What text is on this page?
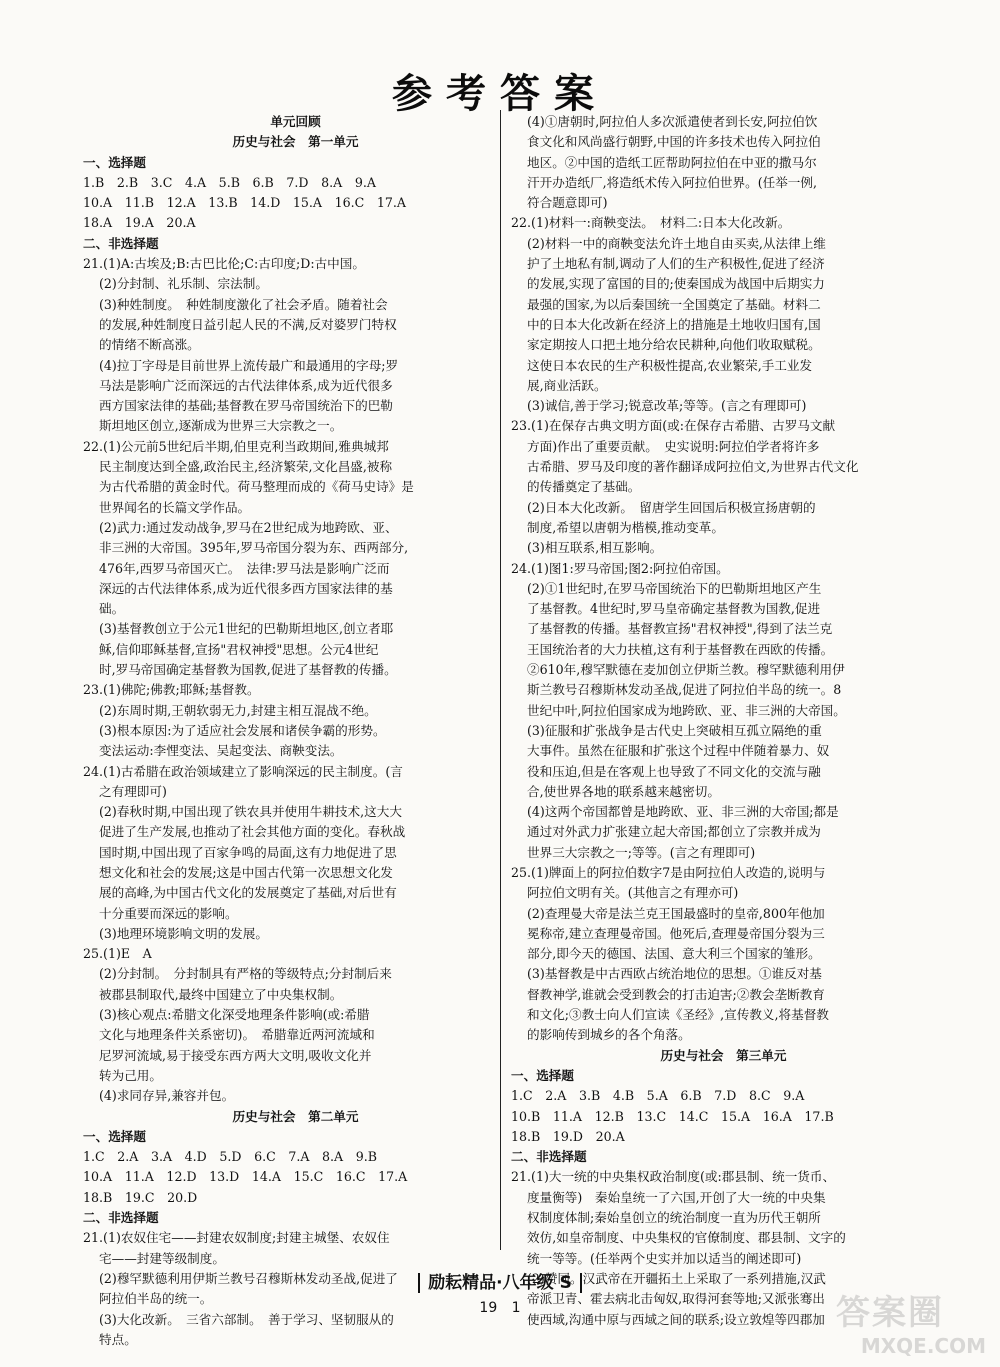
参考答案
单元回顾
历史与社会　第一单元
一、选择题
1.B　2.B　3.C　4.A　5.B　6.B　7.D　8.A　9.A
10.A　11.B　12.A　13.B　14.D　15.A　16.C　17.A
18.A　19.A　20.A
二、非选择题
21.(1)A:古埃及;B:古巴比伦;C:古印度;D:古中国。
(2)分封制、礼乐制、宗法制。
(3)种姓制度。　种姓制度激化了社会矛盾。随着社会
的发展,种姓制度日益引起人民的不满,反对婆罗门特权
的情绪不断高涨。
(4)拉丁字母是目前世界上流传最广和最通用的字母;罗
马法是影响广泛而深远的古代法律体系,成为近代很多
西方国家法律的基础;基督教在罗马帝国统治下的巴勒
斯坦地区创立,逐渐成为世界三大宗教之一。
22.(1)公元前5世纪后半期,伯里克利当政期间,雅典城邦
民主制度达到全盛,政治民主,经济繁荣,文化昌盛,被称
为古代希腊的黄金时代。荷马整理而成的《荷马史诗》是
世界闻名的长篇文学作品。
(2)武力:通过发动战争,罗马在2世纪成为地跨欧、亚、
非三洲的大帝国。395年,罗马帝国分裂为东、西两部分,
476年,西罗马帝国灭亡。　法律:罗马法是影响广泛而
深远的古代法律体系,成为近代很多西方国家法律的基
础。
(3)基督教创立于公元1世纪的巴勒斯坦地区,创立者耶
稣,信仰耶稣基督,宣扬"君权神授"思想。公元4世纪
时,罗马帝国确定基督教为国教,促进了基督教的传播。
23.(1)佛陀;佛教;耶稣;基督教。
(2)东周时期,王朝软弱无力,封建主相互混战不绝。
(3)根本原因:为了适应社会发展和诸侯争霸的形势。
变法运动:李悝变法、吴起变法、商鞅变法。
24.(1)古希腊在政治领域建立了影响深远的民主制度。(言
之有理即可)
(2)春秋时期,中国出现了铁农具并使用牛耕技术,这大大
促进了生产发展,也推动了社会其他方面的变化。春秋战
国时期,中国出现了百家争鸣的局面,这有力地促进了思
想文化和社会的发展;这是中国古代第一次思想文化发
展的高峰,为中国古代文化的发展奠定了基础,对后世有
十分重要而深远的影响。
(3)地理环境影响文明的发展。
25.(1)E　A
(2)分封制。　分封制具有严格的等级特点;分封制后来
被郡县制取代,最终中国建立了中央集权制。
(3)核心观点:希腊文化深受地理条件影响(或:希腊
文化与地理条件关系密切)。　希腊靠近两河流域和
尼罗河流域,易于接受东西方两大文明,吸收文化并
转为己用。
(4)求同存异,兼容并包。
历史与社会　第二单元
一、选择题
1.C　2.A　3.A　4.D　5.D　6.C　7.A　8.A　9.B
10.A　11.A　12.D　13.D　14.A　15.C　16.C　17.A
18.B　19.C　20.D
二、非选择题
21.(1)农奴住宅——封建农奴制度;封建主城堡、农奴住
宅——封建等级制度。
(2)穆罕默德利用伊斯兰教号召穆斯林发动圣战,促进了
阿拉伯半岛的统一。
(3)大化改新。　三省六部制。　善于学习、坚韧服从的
特点。
(4)①唐朝时,阿拉伯人多次派遣使者到长安,阿拉伯饮
食文化和风尚盛行朝野,中国的许多技术也传入阿拉伯
地区。②中国的造纸工匠帮助阿拉伯在中亚的撒马尔
汗开办造纸厂,将造纸术传入阿拉伯世界。(任举一例,
符合题意即可)
22.(1)材料一:商鞅变法。　材料二:日本大化改新。
(2)材料一中的商鞅变法允许土地自由买卖,从法律上维
护了土地私有制,调动了人们的生产积极性,促进了经济
的发展,实现了富国的目的;使秦国成为战国中后期实力
最强的国家,为以后秦国统一全国奠定了基础。材料二
中的日本大化改新在经济上的措施是土地收归国有,国
家定期按人口把土地分给农民耕种,向他们收取赋税。
这使日本农民的生产积极性提高,农业繁荣,手工业发
展,商业活跃。
(3)诚信,善于学习;锐意改革;等等。(言之有理即可)
23.(1)在保存古典文明方面(或:在保存古希腊、古罗马文献
方面)作出了重要贡献。　史实说明:阿拉伯学者将许多
古希腊、罗马及印度的著作翻译成阿拉伯文,为世界古代文化
的传播奠定了基础。
(2)日本大化改新。　留唐学生回国后积极宣扬唐朝的
制度,希望以唐朝为楷模,推动变革。
(3)相互联系,相互影响。
24.(1)图1:罗马帝国;图2:阿拉伯帝国。
(2)①1世纪时,在罗马帝国统治下的巴勒斯坦地区产生
了基督教。4世纪时,罗马皇帝确定基督教为国教,促进
了基督教的传播。基督教宣扬"君权神授",得到了法兰克
王国统治者的大力扶植,这有利于基督教在西欧的传播。
②610年,穆罕默德在麦加创立伊斯兰教。穆罕默德利用伊
斯兰教号召穆斯林发动圣战,促进了阿拉伯半岛的统一。8
世纪中叶,阿拉伯国家成为地跨欧、亚、非三洲的大帝国。
(3)征服和扩张战争是古代史上突破相互孤立隔绝的重
大事件。虽然在征服和扩张这个过程中伴随着暴力、奴
役和压迫,但是在客观上也导致了不同文化的交流与融
合,使世界各地的联系越来越密切。
(4)这两个帝国都曾是地跨欧、亚、非三洲的大帝国;都是
通过对外武力扩张建立起大帝国;都创立了宗教并成为
世界三大宗教之一;等等。(言之有理即可)
25.(1)牌面上的阿拉伯数字7是由阿拉伯人改造的,说明与
阿拉伯文明有关。(其他言之有理亦可)
(2)查理曼大帝是法兰克王国最盛时的皇帝,800年他加
冕称帝,建立查理曼帝国。他死后,查理曼帝国分裂为三
部分,即今天的德国、法国、意大利三个国家的雏形。
(3)基督教是中古西欧占统治地位的思想。①谁反对基
督教神学,谁就会受到教会的打击迫害;②教会垄断教育
和文化;③教士向人们宣读《圣经》,宣传教义,将基督教
的影响传到城乡的各个角落。
历史与社会　第三单元
一、选择题
1.C　2.A　3.B　4.B　5.A　6.B　7.D　8.C　9.A
10.B　11.A　12.B　13.C　14.C　15.A　16.A　17.B
18.B　19.D　20.A
二、非选择题
21.(1)大一统的中央集权政治制度(或:郡县制、统一货币、
度量衡等)　秦始皇统一了六国,开创了大一统的中央集
权制度体制;秦始皇创立的统治制度一直为历代王朝所
效仿,如皇帝制度、中央集权的官僚制度、郡县制、文字的
统一等等。(任举两个史实并加以适当的阐述即可)
(2)赞同。汉武帝在开疆拓土上采取了一系列措施,汉武
帝派卫青、霍去病北击匈奴,取得河套等地;又派张骞出
使西域,沟通中原与西域之间的联系;设立敦煌等四郡加
励耘精品·八年级 S
19 1	答案圈
MXQE.COM
